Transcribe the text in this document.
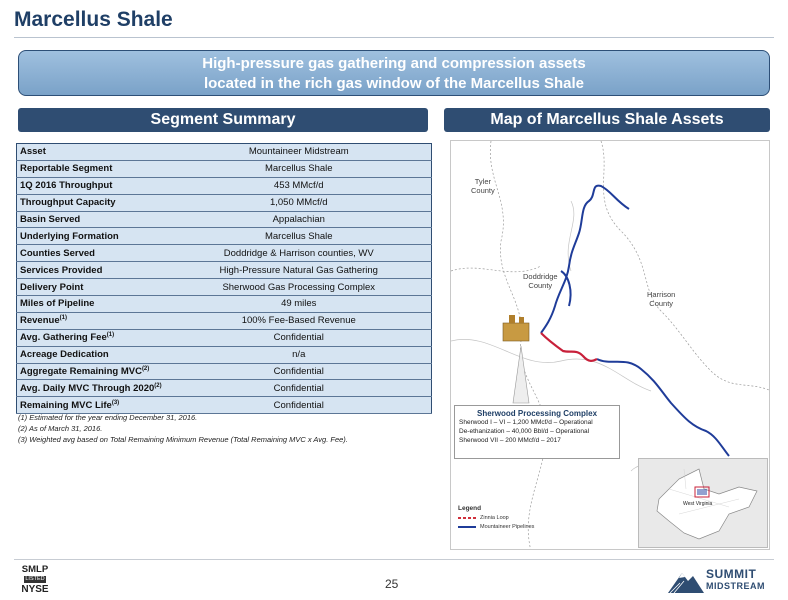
Marcellus Shale
High-pressure gas gathering and compression assets
located in the rich gas window of the Marcellus Shale
Segment Summary	Map of Marcellus Shale Assets
Asset	Mountaineer Midstream
Reportable Segment	Marcellus Shale
1Q 2016 Throughput	453 MMcf/d
Throughput Capacity	1,050 MMcf/d
Basin Served	Appalachian
Underlying Formation	Marcellus Shale
Counties Served	Doddridge & Harrison counties, WV
Services Provided	High-Pressure Natural Gas Gathering
Delivery Point	Sherwood Gas Processing Complex
Miles of Pipeline	49 miles
Revenue$^{(1)}$	100% Fee-Based Revenue
Avg. Gathering Fee$^{(1)}$	Confidential
Acreage Dedication	n/a
Aggregate Remaining MVC$^{(2)}$	Confidential
Avg. Daily MVC Through 2020$^{(2)}$	Confidential
Remaining MVC Life$^{(3)}$	Confidential
(1) Estimated for the year ending December 31, 2016.
(2) As of March 31, 2016.
(3) Weighted avg based on Total Remaining Minimum Revenue (Total Remaining MVC x Avg. Fee).
Tyler
County
Doddridge
County
Harrison
County
Sherwood Processing Complex
Sherwood I – VI – 1,200 MMcf/d – Operational
De-ethanization – 40,000 Bbl/d – Operational
Sherwood VII – 200 MMcf/d – 2017
Legend
Zinnia Loop
Mountaineer Pipelines
West Virginia
SMLP
LISTED
NYSE	25
SUMMIT
MIDSTREAM
